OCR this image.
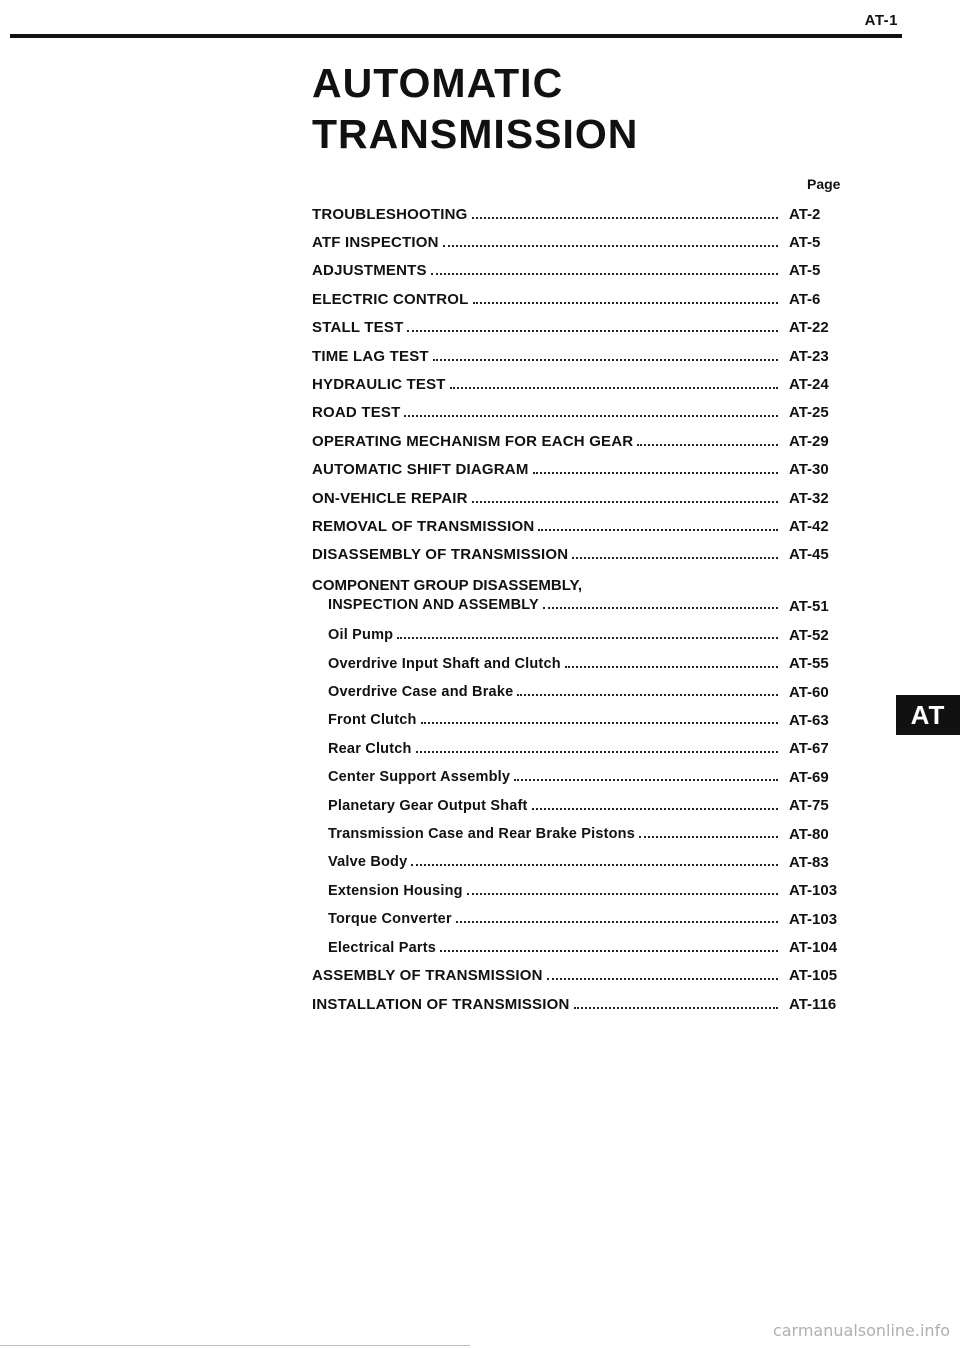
AT-1
AUTOMATIC
TRANSMISSION
Page
TROUBLESHOOTING	AT-2
ATF INSPECTION	AT-5
ADJUSTMENTS	AT-5
ELECTRIC CONTROL	AT-6
STALL TEST	AT-22
TIME LAG TEST	AT-23
HYDRAULIC TEST	AT-24
ROAD TEST	AT-25
OPERATING MECHANISM FOR EACH GEAR	AT-29
AUTOMATIC SHIFT DIAGRAM	AT-30
ON-VEHICLE REPAIR	AT-32
REMOVAL OF TRANSMISSION	AT-42
DISASSEMBLY OF TRANSMISSION	AT-45
COMPONENT GROUP DISASSEMBLY,
INSPECTION AND ASSEMBLY	AT-51
Oil Pump	AT-52
Overdrive Input Shaft and Clutch	AT-55
Overdrive Case and Brake	AT-60
Front Clutch	AT-63
Rear Clutch	AT-67
Center Support Assembly	AT-69
Planetary Gear Output Shaft	AT-75
Transmission Case and Rear Brake Pistons	AT-80
Valve Body	AT-83
Extension Housing	AT-103
Torque Converter	AT-103
Electrical Parts	AT-104
ASSEMBLY OF TRANSMISSION	AT-105
INSTALLATION OF TRANSMISSION	AT-116
AT
carmanualsonline.info
